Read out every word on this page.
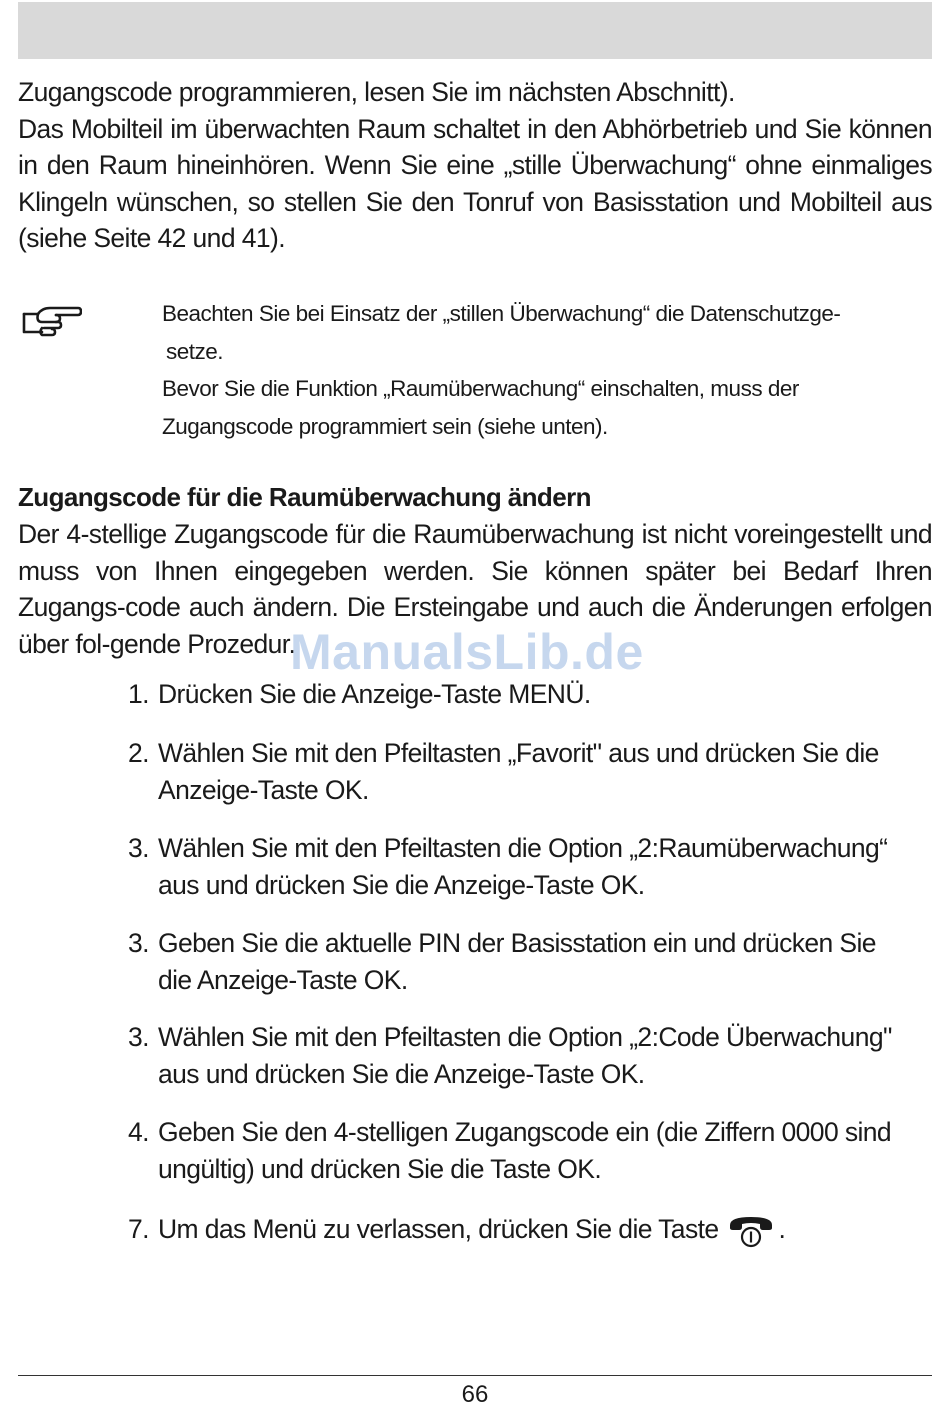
Zugangscode programmieren, lesen Sie im nächsten Abschnitt).

Das Mobilteil im überwachten Raum schaltet in den Abhörbetrieb und Sie können in den Raum hineinhören. Wenn Sie eine „stille Überwachung“ ohne einmaliges Klingeln wünschen, so stellen Sie den Tonruf von Basisstation und Mobilteil aus (siehe Seite 42 und 41).

Beachten Sie bei Einsatz der „stillen Überwachung“ die Datenschutzge-

setze.

Bevor Sie die Funktion „Raumüberwachung“ einschalten, muss der

Zugangscode programmiert sein (siehe unten).

Zugangscode für die Raumüberwachung ändern
Der 4-stellige Zugangscode für die Raumüberwachung ist nicht voreingestellt und muss von Ihnen eingegeben werden. Sie können später bei Bedarf Ihren Zugangs-code auch ändern. Die Ersteingabe und auch die Änderungen erfolgen über fol-gende Prozedur.
ManualsLib.de
1. Drücken Sie die Anzeige-Taste MENÜ.
2. Wählen Sie mit den Pfeiltasten „Favorit" aus und drücken Sie die
Anzeige-Taste OK.
3. Wählen Sie mit den Pfeiltasten die Option „2:Raumüberwachung“
aus und drücken Sie die Anzeige-Taste OK.
3. Geben Sie die aktuelle PIN der Basisstation ein und drücken Sie
die Anzeige-Taste OK.
3. Wählen Sie mit den Pfeiltasten die Option „2:Code Überwachung"
aus und drücken Sie die Anzeige-Taste OK.
4. Geben Sie den 4-stelligen Zugangscode ein (die Ziffern 0000 sind
ungültig) und drücken Sie die Taste OK.
7. Um das Menü zu verlassen, drücken Sie die Taste .
66
